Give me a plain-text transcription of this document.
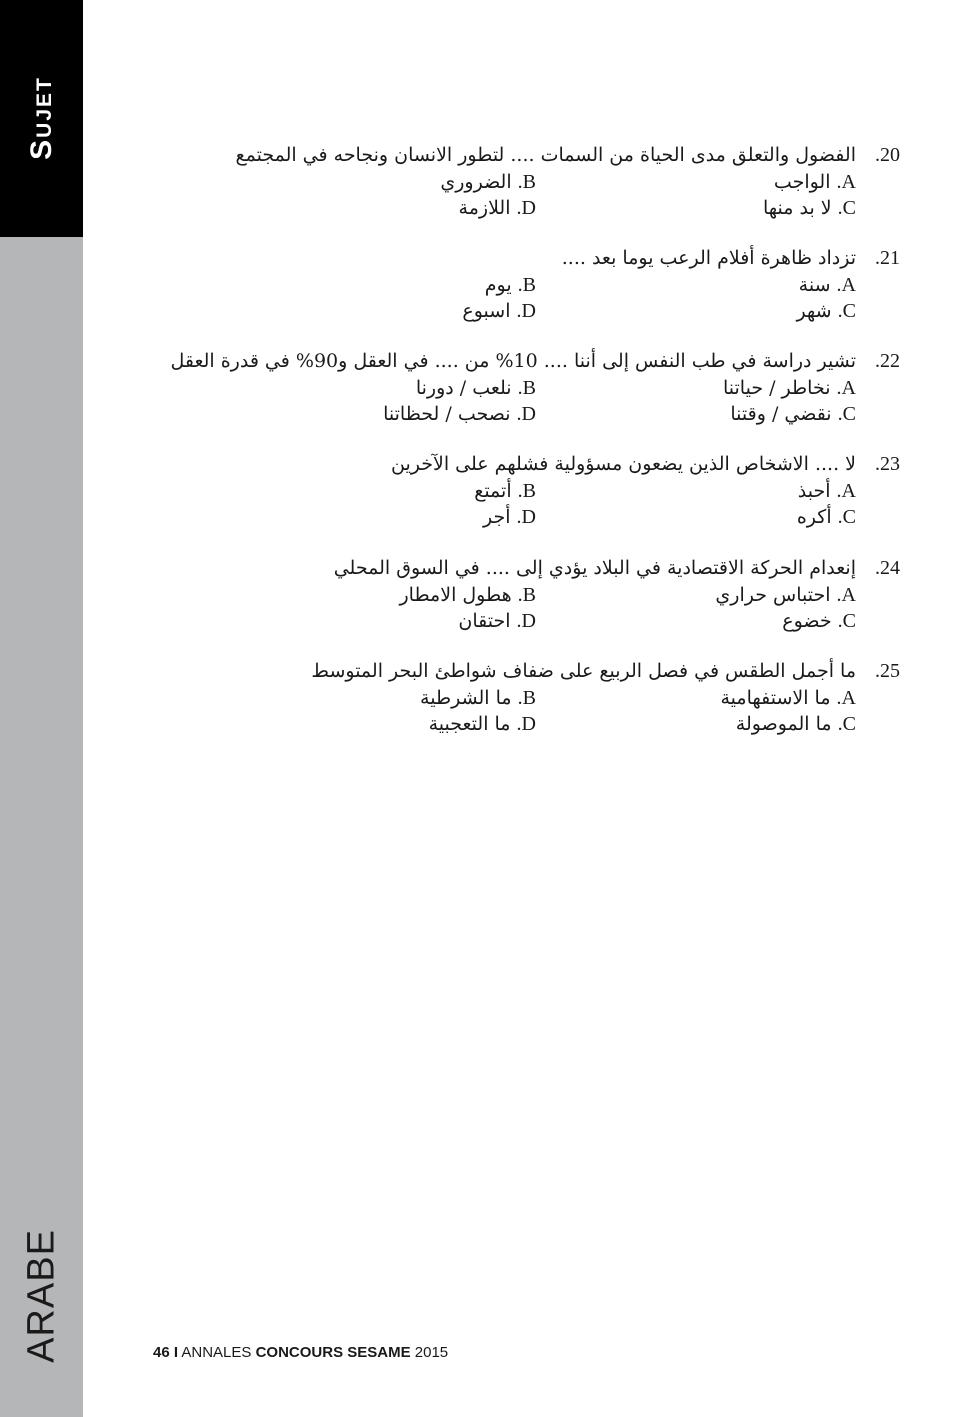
Sujet
ARABE
.20
الفضول والتعلق مدى الحياة من السمات .... لتطور الانسان ونجاحه في المجتمع
A. الواجب
B. الضروري
C. لا بد منها
D. اللازمة
.21
تزداد ظاهرة أفلام الرعب يوما بعد ....
A. سنة
B. يوم
C. شهر
D. اسبوع
.22
تشير دراسة في طب النفس إلى أننا .... 10% من .... في العقل و90% في قدرة العقل
A. نخاطر / حياتنا
B. نلعب / دورنا
C. نقضي / وقتنا
D. نصحب / لحظاتنا
.23
لا .... الاشخاص الذين يضعون مسؤولية فشلهم على الآخرين
A. أحبذ
B. أتمتع
C. أكره
D. أجر
.24
إنعدام الحركة الاقتصادية في البلاد يؤدي إلى .... في السوق المحلي
A. احتباس حراري
B. هطول الامطار
C. خضوع
D. احتقان
.25
ما أجمل الطقس في فصل الربيع على ضفاف شواطئ البحر المتوسط
A. ما الاستفهامية
B. ما الشرطية
C. ما الموصولة
D. ما التعجبية
46 I ANNALES CONCOURS SESAME 2015
